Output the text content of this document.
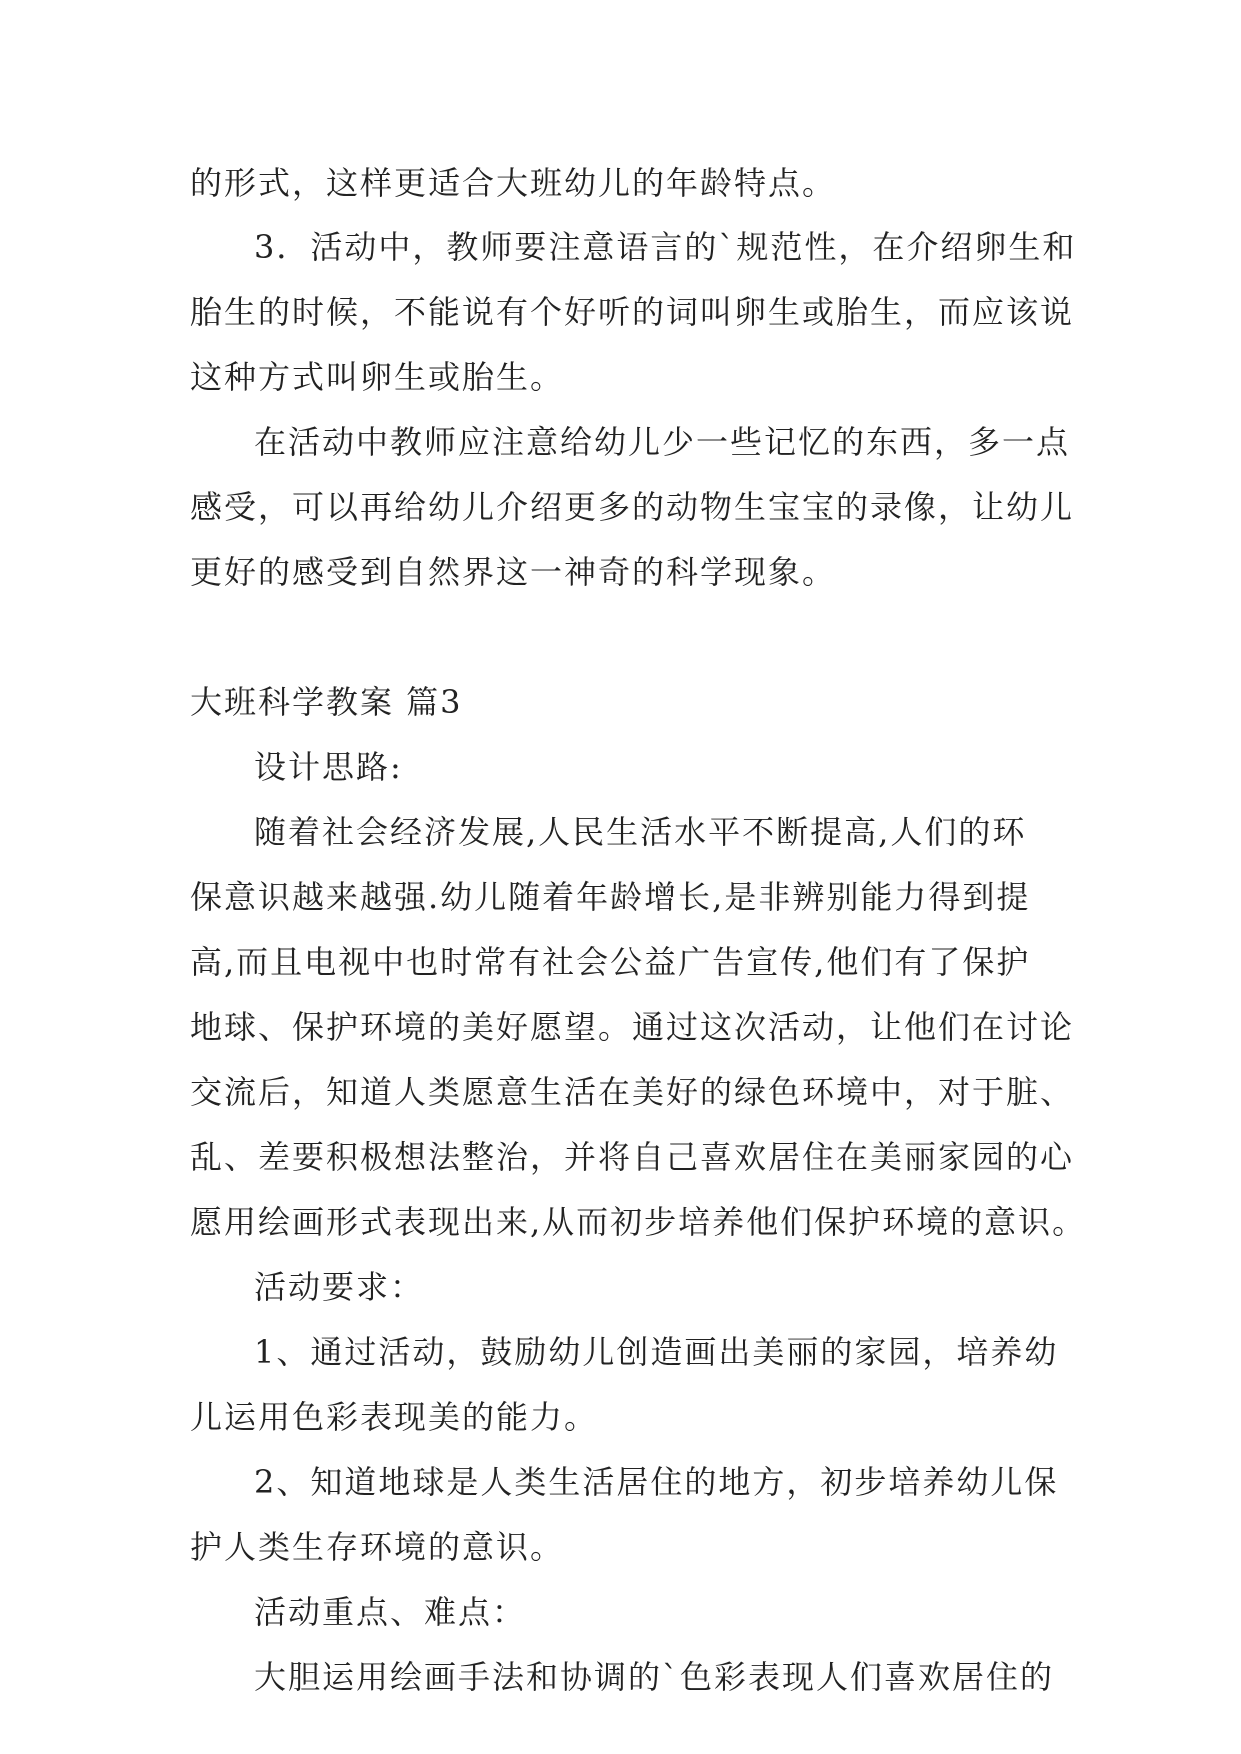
的形式，这样更适合大班幼儿的年龄特点。
3．活动中，教师要注意语言的`规范性，在介绍卵生和
胎生的时候，不能说有个好听的词叫卵生或胎生，而应该说
这种方式叫卵生或胎生。
在活动中教师应注意给幼儿少一些记忆的东西，多一点
感受，可以再给幼儿介绍更多的动物生宝宝的录像，让幼儿
更好的感受到自然界这一神奇的科学现象。
大班科学教案 篇3
设计思路:
随着社会经济发展,人民生活水平不断提高,人们的环
保意识越来越强.幼儿随着年龄增长,是非辨别能力得到提
高,而且电视中也时常有社会公益广告宣传,他们有了保护
地球、保护环境的美好愿望。通过这次活动，让他们在讨论
交流后，知道人类愿意生活在美好的绿色环境中，对于脏、
乱、差要积极想法整治，并将自己喜欢居住在美丽家园的心
愿用绘画形式表现出来,从而初步培养他们保护环境的意识。
活动要求：
1、通过活动，鼓励幼儿创造画出美丽的家园，培养幼
儿运用色彩表现美的能力。
2、知道地球是人类生活居住的地方，初步培养幼儿保
护人类生存环境的意识。
活动重点、难点：
大胆运用绘画手法和协调的`色彩表现人们喜欢居住的
